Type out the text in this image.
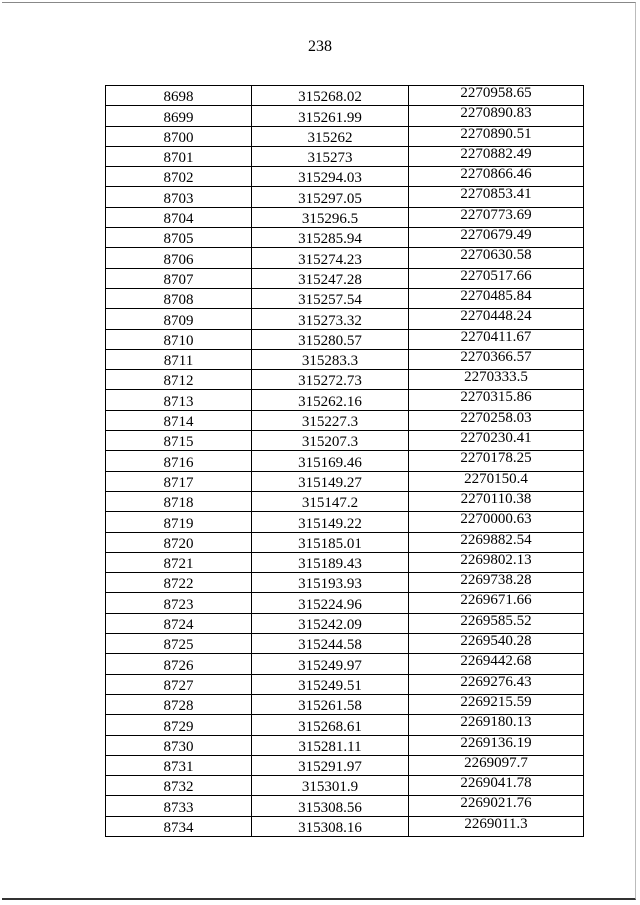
238
8698	315268.02	2270958.65
8699	315261.99	2270890.83
8700	315262	2270890.51
8701	315273	2270882.49
8702	315294.03	2270866.46
8703	315297.05	2270853.41
8704	315296.5	2270773.69
8705	315285.94	2270679.49
8706	315274.23	2270630.58
8707	315247.28	2270517.66
8708	315257.54	2270485.84
8709	315273.32	2270448.24
8710	315280.57	2270411.67
8711	315283.3	2270366.57
8712	315272.73	2270333.5
8713	315262.16	2270315.86
8714	315227.3	2270258.03
8715	315207.3	2270230.41
8716	315169.46	2270178.25
8717	315149.27	2270150.4
8718	315147.2	2270110.38
8719	315149.22	2270000.63
8720	315185.01	2269882.54
8721	315189.43	2269802.13
8722	315193.93	2269738.28
8723	315224.96	2269671.66
8724	315242.09	2269585.52
8725	315244.58	2269540.28
8726	315249.97	2269442.68
8727	315249.51	2269276.43
8728	315261.58	2269215.59
8729	315268.61	2269180.13
8730	315281.11	2269136.19
8731	315291.97	2269097.7
8732	315301.9	2269041.78
8733	315308.56	2269021.76
8734	315308.16	2269011.3
